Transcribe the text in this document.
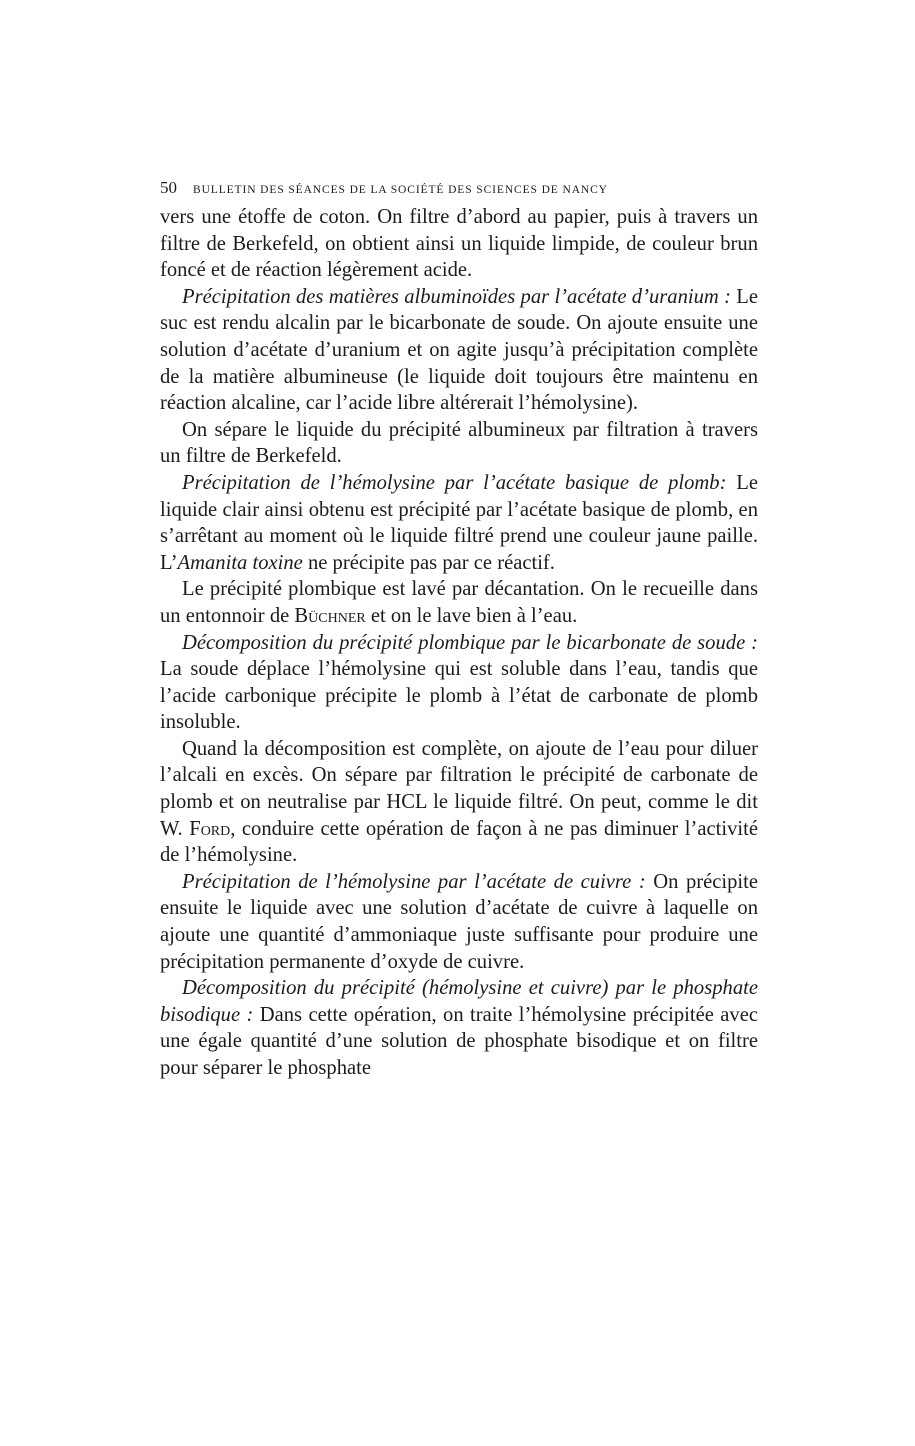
50 BULLETIN DES SÉANCES DE LA SOCIÉTÉ DES SCIENCES DE NANCY

vers une étoffe de coton. On filtre d’abord au papier, puis à travers un filtre de Berkefeld, on obtient ainsi un liquide limpide, de couleur brun foncé et de réaction légèrement acide.

Précipitation des matières albuminoïdes par l’acétate d’uranium : Le suc est rendu alcalin par le bicarbonate de soude. On ajoute ensuite une solution d’acétate d’uranium et on agite jusqu’à précipitation complète de la matière albumineuse (le liquide doit toujours être maintenu en réaction alcaline, car l’acide libre altérerait l’hémolysine).

On sépare le liquide du précipité albumineux par filtration à travers un filtre de Berkefeld.

Précipitation de l’hémolysine par l’acétate basique de plomb: Le liquide clair ainsi obtenu est précipité par l’acétate basique de plomb, en s’arrêtant au moment où le liquide filtré prend une couleur jaune paille. L’Amanita toxine ne précipite pas par ce réactif.

Le précipité plombique est lavé par décantation. On le recueille dans un entonnoir de Büchner et on le lave bien à l’eau.

Décomposition du précipité plombique par le bicarbonate de soude : La soude déplace l’hémolysine qui est soluble dans l’eau, tandis que l’acide carbonique précipite le plomb à l’état de carbonate de plomb insoluble.

Quand la décomposition est complète, on ajoute de l’eau pour diluer l’alcali en excès. On sépare par filtration le précipité de carbonate de plomb et on neutralise par HCL le liquide filtré. On peut, comme le dit W. Ford, conduire cette opération de façon à ne pas diminuer l’activité de l’hémolysine.

Précipitation de l’hémolysine par l’acétate de cuivre : On précipite ensuite le liquide avec une solution d’acétate de cuivre à laquelle on ajoute une quantité d’ammoniaque juste suffisante pour produire une précipitation permanente d’oxyde de cuivre.

Décomposition du précipité (hémolysine et cuivre) par le phosphate bisodique : Dans cette opération, on traite l’hémolysine précipitée avec une égale quantité d’une solution de phosphate bisodique et on filtre pour séparer le phosphate
